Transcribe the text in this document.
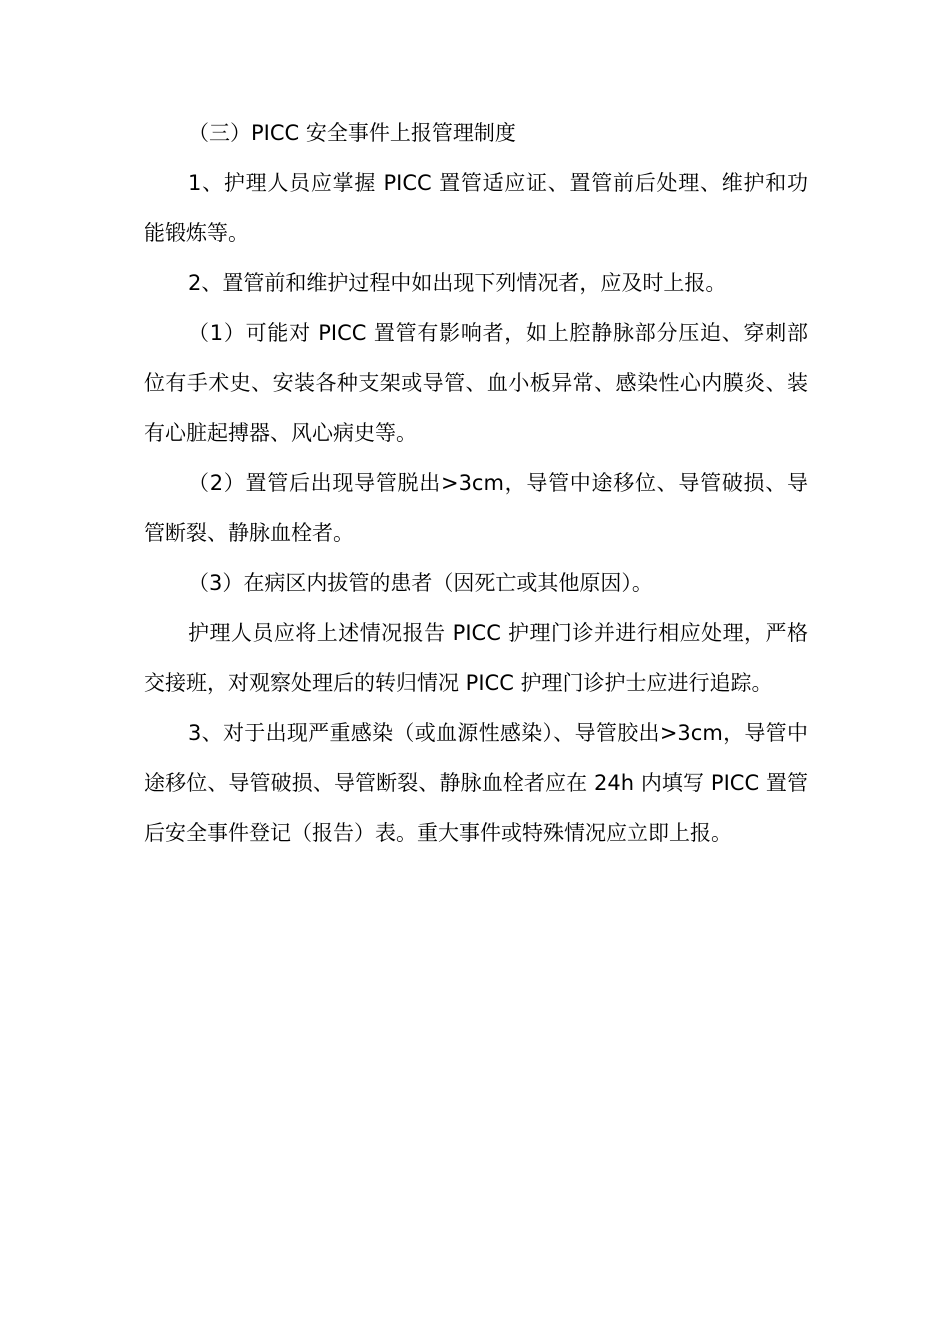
（三）PICC 安全事件上报管理制度

1、护理人员应掌握 PICC 置管适应证、置管前后处理、维护和功能锻炼等。

2、置管前和维护过程中如出现下列情况者，应及时上报。

（1）可能对 PICC 置管有影响者，如上腔静脉部分压迫、穿刺部位有手术史、安装各种支架或导管、血小板异常、感染性心内膜炎、装有心脏起搏器、风心病史等。

（2）置管后出现导管脱出>3cm，导管中途移位、导管破损、导管断裂、静脉血栓者。

（3）在病区内拔管的患者（因死亡或其他原因）。

护理人员应将上述情况报告 PICC 护理门诊并进行相应处理，严格交接班，对观察处理后的转归情况 PICC 护理门诊护士应进行追踪。

3、对于出现严重感染（或血源性感染）、导管胶出>3cm，导管中途移位、导管破损、导管断裂、静脉血栓者应在 24h 内填写 PICC 置管后安全事件登记（报告）表。重大事件或特殊情况应立即上报。
